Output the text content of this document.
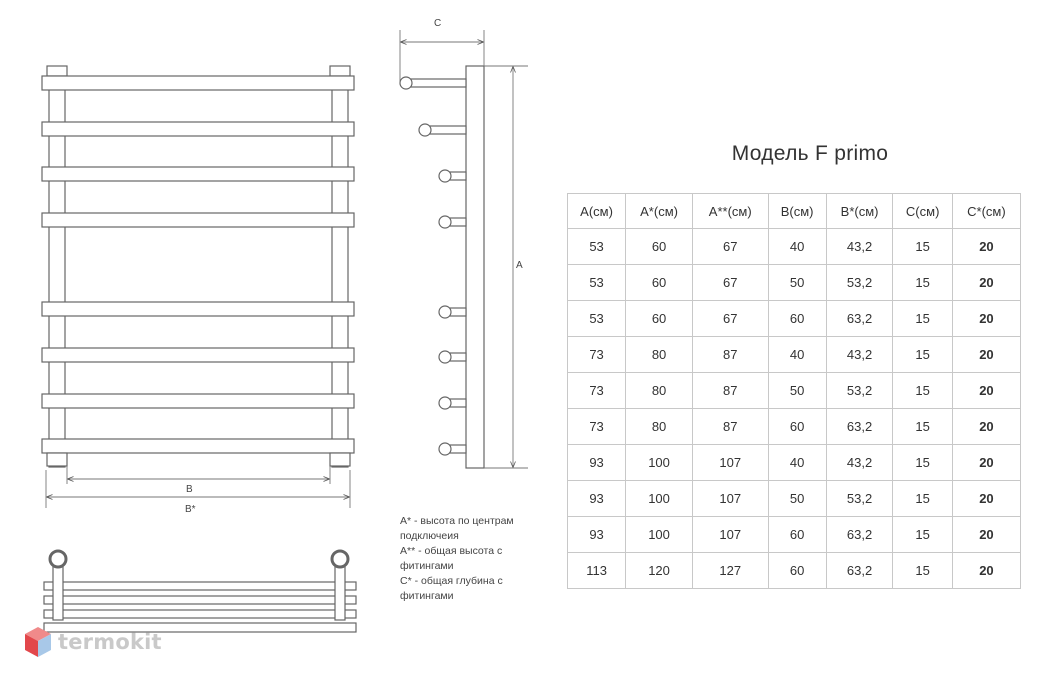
C
A
B
B*
Модель F primo
A(см)	A*(см)	A**(см)	B(см)	B*(см)	C(см)	C*(см)
53	60	67	40	43,2	15	20
53	60	67	50	53,2	15	20
53	60	67	60	63,2	15	20
73	80	87	40	43,2	15	20
73	80	87	50	53,2	15	20
73	80	87	60	63,2	15	20
93	100	107	40	43,2	15	20
93	100	107	50	53,2	15	20
93	100	107	60	63,2	15	20
113	120	127	60	63,2	15	20
A* - высота по центрам
подключеия
A** - общая высота с
фитингами
C* - общая глубина с
фитингами
termokit
